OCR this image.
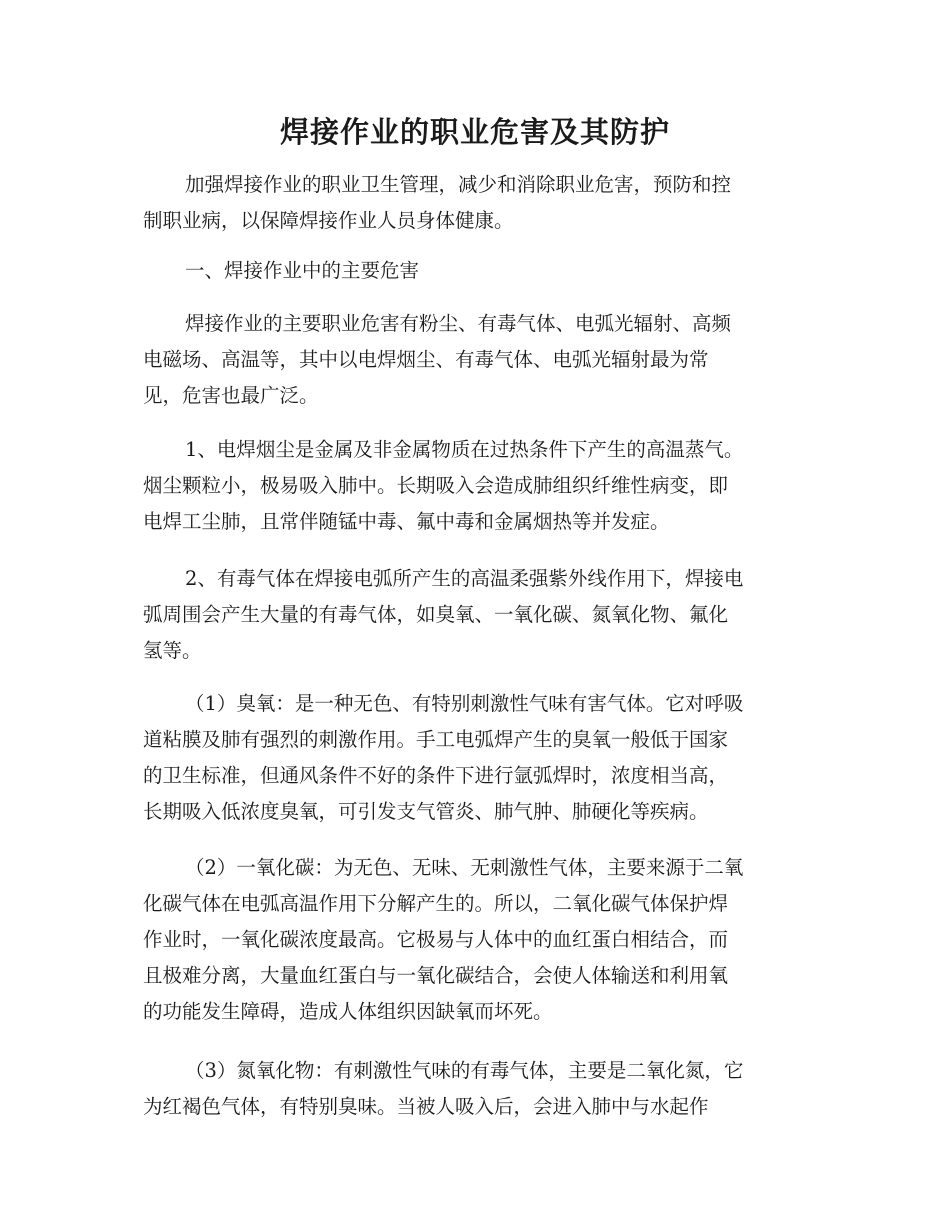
焊接作业的职业危害及其防护
加强焊接作业的职业卫生管理，减少和消除职业危害，预防和控
制职业病，以保障焊接作业人员身体健康。
一、焊接作业中的主要危害
焊接作业的主要职业危害有粉尘、有毒气体、电弧光辐射、高频
电磁场、高温等，其中以电焊烟尘、有毒气体、电弧光辐射最为常
见，危害也最广泛。
1、电焊烟尘是金属及非金属物质在过热条件下产生的高温蒸气。
烟尘颗粒小，极易吸入肺中。长期吸入会造成肺组织纤维性病变，即
电焊工尘肺，且常伴随锰中毒、氟中毒和金属烟热等并发症。
2、有毒气体在焊接电弧所产生的高温柔强紫外线作用下，焊接电
弧周围会产生大量的有毒气体，如臭氧、一氧化碳、氮氧化物、氟化
氢等。
（1）臭氧：是一种无色、有特别刺激性气味有害气体。它对呼吸
道粘膜及肺有强烈的刺激作用。手工电弧焊产生的臭氧一般低于国家
的卫生标准，但通风条件不好的条件下进行氩弧焊时，浓度相当高，
长期吸入低浓度臭氧，可引发支气管炎、肺气肿、肺硬化等疾病。
（2）一氧化碳：为无色、无味、无刺激性气体，主要来源于二氧
化碳气体在电弧高温作用下分解产生的。所以，二氧化碳气体保护焊
作业时，一氧化碳浓度最高。它极易与人体中的血红蛋白相结合，而
且极难分离，大量血红蛋白与一氧化碳结合，会使人体输送和利用氧
的功能发生障碍，造成人体组织因缺氧而坏死。
（3）氮氧化物：有刺激性气味的有毒气体，主要是二氧化氮，它
为红褐色气体，有特别臭味。当被人吸入后，会进入肺中与水起作
